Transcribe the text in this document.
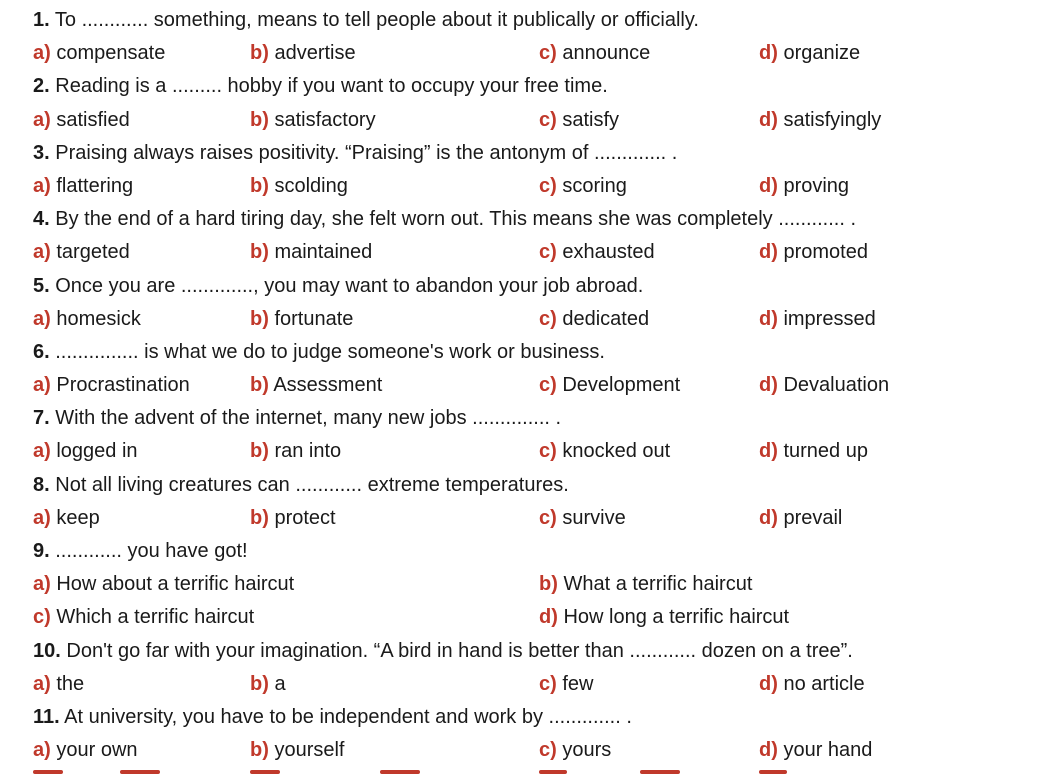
1. To ............ something, means to tell people about it publically or officially.
a) compensate	b) advertise	c) announce	d) organize
2. Reading is a ......... hobby if you want to occupy your free time.
a) satisfied	b) satisfactory	c) satisfy	d) satisfyingly
3. Praising always raises positivity. “Praising” is the antonym of ............. .
a) flattering	b) scolding	c) scoring	d) proving
4. By the end of a hard tiring day, she felt worn out. This means she was completely ............ .
a) targeted	b) maintained	c) exhausted	d) promoted
5. Once you are ............., you may want to abandon your job abroad.
a) homesick	b) fortunate	c) dedicated	d) impressed
6. ............... is what we do to judge someone's work or business.
a) Procrastination	b) Assessment	c) Development	d) Devaluation
7. With the advent of the internet, many new jobs .............. .
a) logged in	b) ran into	c) knocked out	d) turned up
8. Not all living creatures can ............ extreme temperatures.
a) keep	b) protect	c) survive	d) prevail
9. ............ you have got!
a) How about a terrific haircut	b) What a terrific haircut
c) Which a terrific haircut	d) How long a terrific haircut
10. Don't go far with your imagination. “A bird in hand is better than ............ dozen on a tree”.
a) the	b) a	c) few	d) no article
11. At university, you have to be independent and work by ............. .
a) your own	b) yourself	c) yours	d) your hand
